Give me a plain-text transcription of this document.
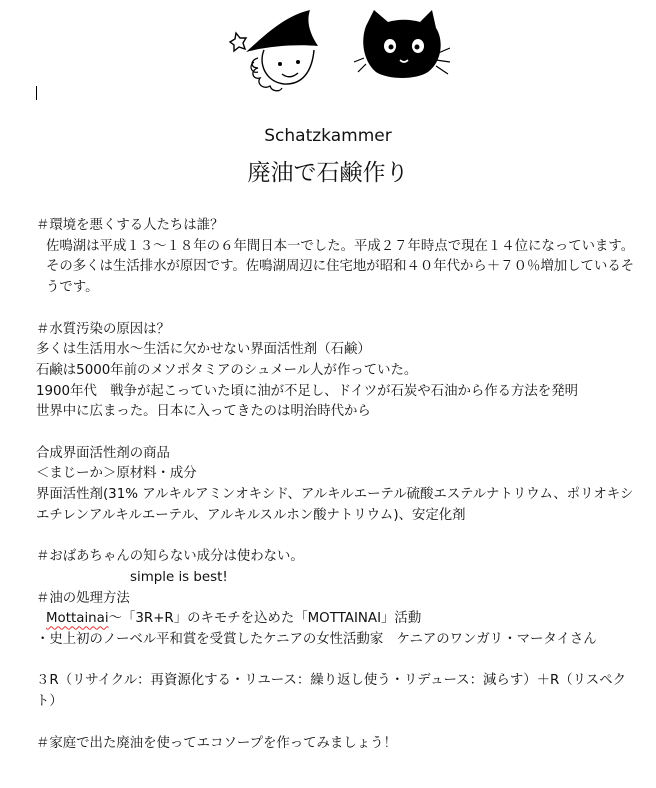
Schatzkammer
廃油で石鹸作り
＃環境を悪くする人たちは誰？
佐鳴湖は平成１３〜１８年の６年間日本一でした。平成２７年時点で現在１４位になっています。その多くは生活排水が原因です。佐鳴湖周辺に住宅地が昭和４０年代から＋７０％増加しているそうです。
＃水質汚染の原因は？
多くは生活用水〜生活に欠かせない界面活性剤（石鹸）
石鹸は5000年前のメソポタミアのシュメール人が作っていた。
1900年代　戦争が起こっていた頃に油が不足し、ドイツが石炭や石油から作る方法を発明
世界中に広まった。日本に入ってきたのは明治時代から
合成界面活性剤の商品
＜まじーか＞原材料・成分
界面活性剤(31% アルキルアミンオキシド、アルキルエーテル硫酸エステルナトリウム、ポリオキシエチレンアルキルエーテル、アルキルスルホン酸ナトリウム)、安定化剤
＃おばあちゃんの知らない成分は使わない。
simple is best!
＃油の処理方法
Mottainai〜「3R+R」のキモチを込めた「MOTTAINAI」活動
・史上初のノーベル平和賞を受賞したケニアの女性活動家　ケニアのワンガリ・マータイさん
３R（リサイクル：再資源化する・リユース：繰り返し使う・リデュース：減らす）＋R（リスペクト）
＃家庭で出た廃油を使ってエコソープを作ってみましょう！
